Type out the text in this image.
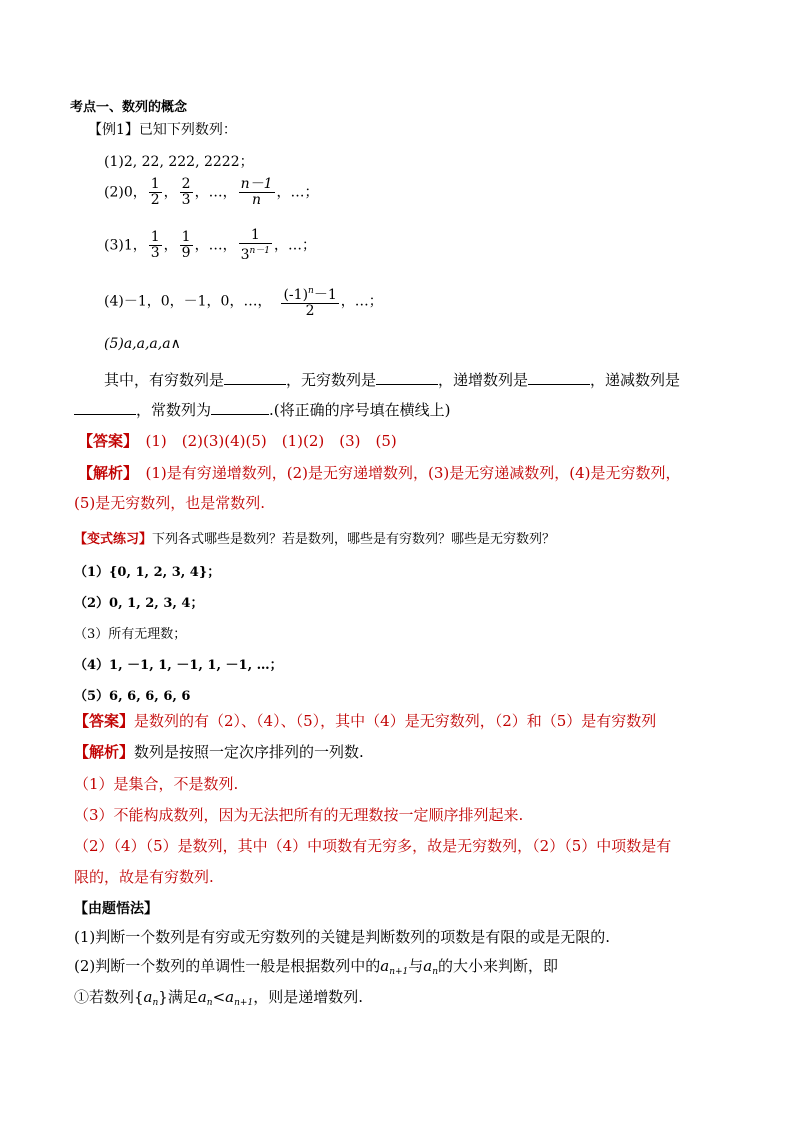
考点一、数列的概念
【例1】已知下列数列：
(1)2, 22, 222, 2222；
(2)0， $\frac{1}{2}$ ， $\frac{2}{3}$ ，…， $\frac{n-1}{n}$ ，…；
(3)1， $\frac{1}{3}$ ， $\frac{1}{9}$ ，…， $\frac{1}{3^{n-1}}$ ，…；
(4)－1，0，－1，0，…， $\frac{(-1)^n-1}{2}$ ，…；
(5)a,a,a,a∧
其中，有穷数列是	，无穷数列是	，递增数列是	，递减数列是
，常数列为	.(将正确的序号填在横线上)
【答案】　 (1)　(2)(3)(4)(5)　(1)(2)　(3)　(5)
【解析】　 (1)是有穷递增数列，(2)是无穷递增数列，(3)是无穷递减数列，(4)是无穷数列，
(5)是无穷数列，也是常数列.
【变式练习】下列各式哪些是数列？若是数列，哪些是有穷数列？哪些是无穷数列？
（1）{0, 1, 2, 3, 4}；
（2）0, 1, 2, 3, 4；
（3）所有无理数；
（4）1, －1, 1, －1, 1, －1, …；
（5）6, 6, 6, 6, 6
【答案】是数列的有（2）、（4）、（5），其中（4）是无穷数列，（2）和（5）是有穷数列
【解析】数列是按照一定次序排列的一列数.
（1）是集合，不是数列.
（3）不能构成数列，因为无法把所有的无理数按一定顺序排列起来.
（2）（4）（5）是数列，其中（4）中项数有无穷多，故是无穷数列，（2）（5）中项数是有
限的，故是有穷数列.
【由题悟法】
(1)判断一个数列是有穷或无穷数列的关键是判断数列的项数是有限的或是无限的.
(2)判断一个数列的单调性一般是根据数列中的$a_{n+1}$与$a_n$的大小来判断，即
①若数列$\{a_n\}$满足$a_n<a_{n+1}$，则是递增数列.
